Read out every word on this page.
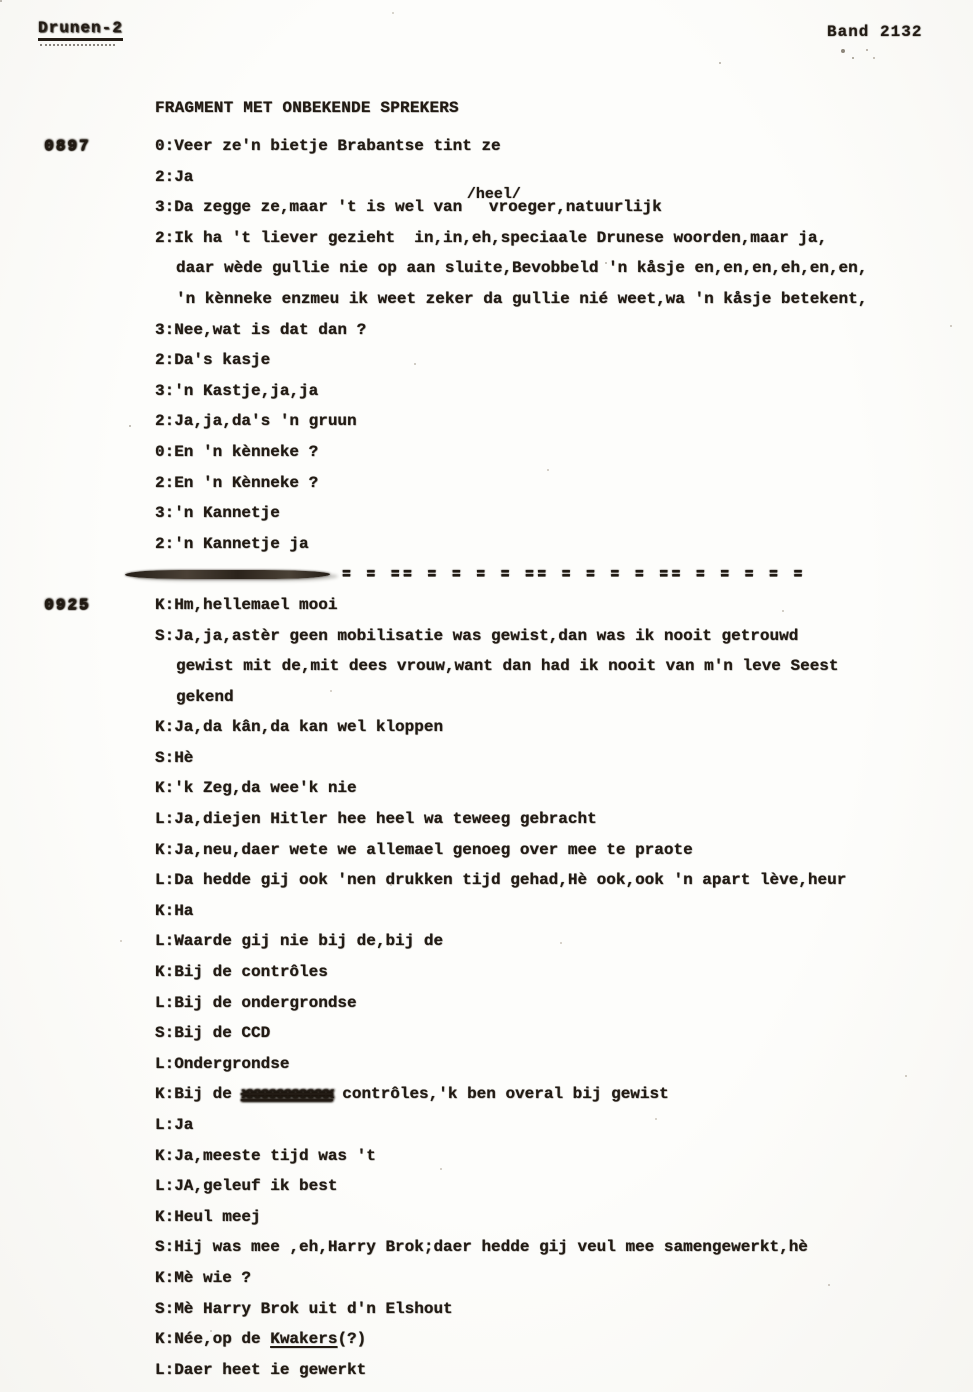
Drunen-2	Band 2132
FRAGMENT MET ONBEKENDE SPREKERS
0897	0:Veer ze'n bietje Brabantse tint ze
2:Ja
3:Da zegge ze,maar 't is wel van /heel/vroeger,natuurlijk
2:Ik ha 't liever gezieht  in,in,eh,speciaale Drunese woorden,maar ja,
daar wède gullie nie op aan sluite,Bevobbeld 'n kåsje en,en,en,eh,en,en,
'n kènneke enzmeu ik weet zeker da gullie nié weet,wa 'n kåsje betekent,
3:Nee,wat is dat dan ?
2:Da's kasje
3:'n Kastje,ja,ja
2:Ja,ja,da's 'n gruun
0:En 'n kènneke ?
2:En 'n Kènneke ?
3:'n Kannetje
2:'n Kannetje ja
= = == = = = = == = = = = == = = = = =
0925	K:Hm,hellemael mooi
S:Ja,ja,astèr geen mobilisatie was gewist,dan was ik nooit getrouwd
gewist mit de,mit dees vrouw,want dan had ik nooit van m'n leve Seest
gekend
K:Ja,da kân,da kan wel kloppen
S:Hè
K:'k Zeg,da wee'k nie
L:Ja,diejen Hitler hee heel wa teweeg gebracht
K:Ja,neu,daer wete we allemael genoeg over mee te praote
L:Da hedde gij ook 'nen drukken tijd gehad,Hè ook,ook 'n apart lève,heur
K:Ha
L:Waarde gij nie bij de,bij de
K:Bij de contrôles
L:Bij de ondergrondse
S:Bij de CCD
L:Ondergrondse
K:Bij de xxxxxxxxxxxx contrôles,'k ben overal bij gewist
L:Ja
K:Ja,meeste tijd was 't
L:JA,geleuf ik best
K:Heul meej
S:Hij was mee ,eh,Harry Brok;daer hedde gij veul mee samengewerkt,hè
K:Mè wie ?
S:Mè Harry Brok uit d'n Elshout
K:Née,op de Kwakers(?)
L:Daer heet ie gewerkt
